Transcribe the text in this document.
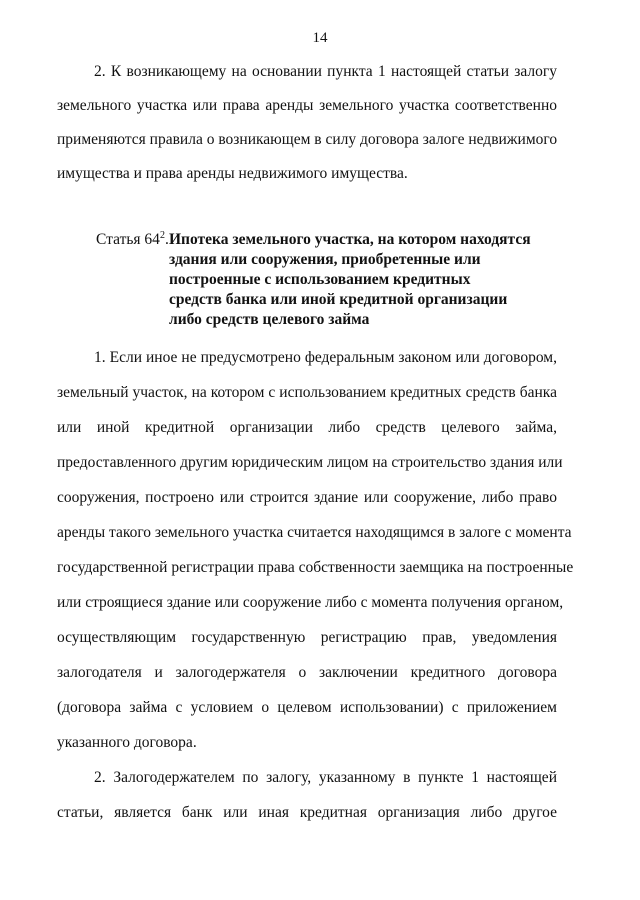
14
2. К возникающему на основании пункта 1 настоящей статьи залогу
земельного участка или права аренды земельного участка соответственно
применяются правила о возникающем в силу договора залоге недвижимого
имущества и права аренды недвижимого имущества.
Статья $64^2$. Ипотека земельного участка, на котором находятся
здания или сооружения, приобретенные или
построенные с использованием кредитных
средств банка или иной кредитной организации
либо средств целевого займа
1. Если иное не предусмотрено федеральным законом или договором,
земельный участок, на котором с использованием кредитных средств банка
или иной кредитной организации либо средств целевого займа,
предоставленного другим юридическим лицом на строительство здания или
сооружения, построено или строится здание или сооружение, либо право
аренды такого земельного участка считается находящимся в залоге с момента
государственной регистрации права собственности заемщика на построенные
или строящиеся здание или сооружение либо с момента получения органом,
осуществляющим государственную регистрацию прав, уведомления
залогодателя и залогодержателя о заключении кредитного договора
(договора займа с условием о целевом использовании) с приложением
указанного договора.
2. Залогодержателем по залогу, указанному в пункте 1 настоящей
статьи, является банк или иная кредитная организация либо другое
